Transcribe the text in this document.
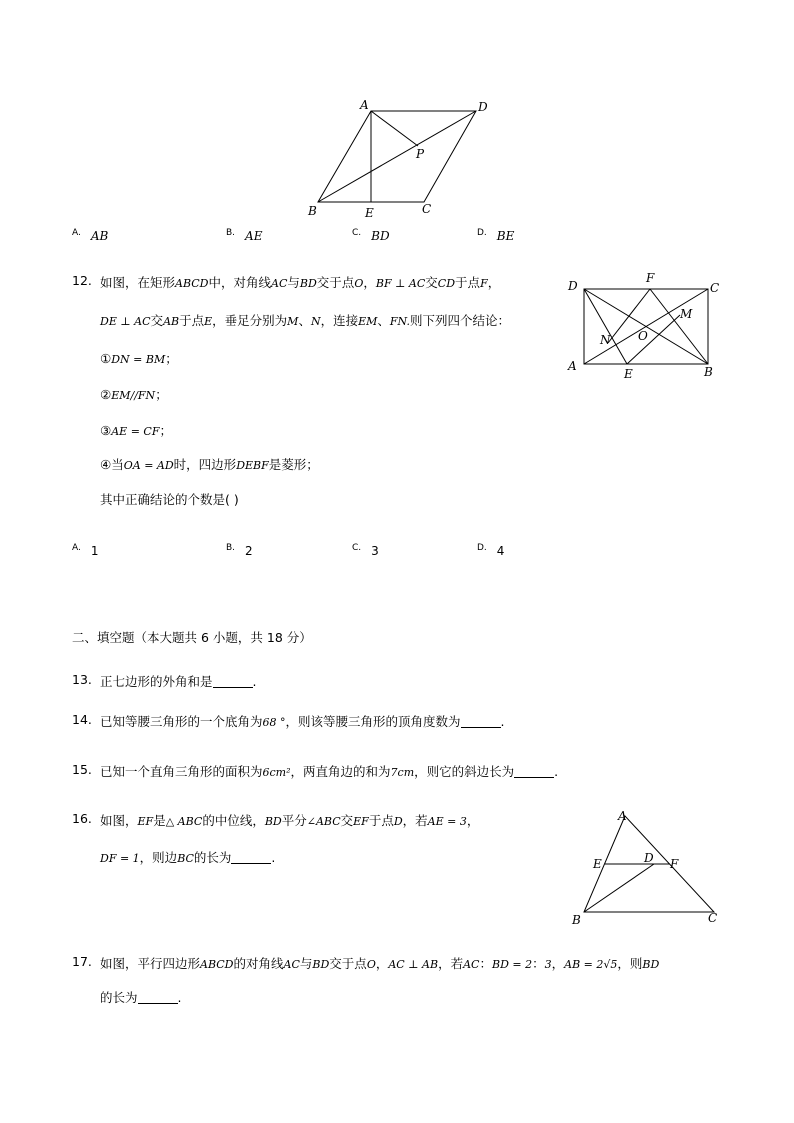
A	D
P
B	E	C
$^{A.}$ AB	$^{B.}$ AE	$^{C.}$ BD	$^{D.}$ BE
12. 如图，在矩形ABCD中，对角线AC与BD交于点O，BF ⊥ AC交CD于点F，
DE ⊥ AC交AB于点E，垂足分别为M、N，连接EM、FN.则下列四个结论：
①DN = BM；
②EM//FN；
③AE = CF；
④当OA = AD时，四边形DEBF是菱形；
其中正确结论的个数是( )
D
F
C
M
N O
A
E	B
$^{A.}$ 1	$^{B.}$ 2	$^{C.}$ 3	$^{D.}$ 4
二、填空题（本大题共 6 小题，共 18 分）
13. 正七边形的外角和是	.
14. 已知等腰三角形的一个底角为68 °，则该等腰三角形的顶角度数为	.
15. 已知一个直角三角形的面积为6cm²，两直角边的和为7cm，则它的斜边长为	.
16. 如图，EF是△ ABC的中位线，BD平分∠ABC交EF于点D，若AE = 3，
DF = 1，则边BC的长为	.
A
E	D F
B	C
17. 如图，平行四边形ABCD的对角线AC与BD交于点O，AC ⊥ AB，若AC：BD = 2：3，AB = 2√5，则BD
的长为	.
